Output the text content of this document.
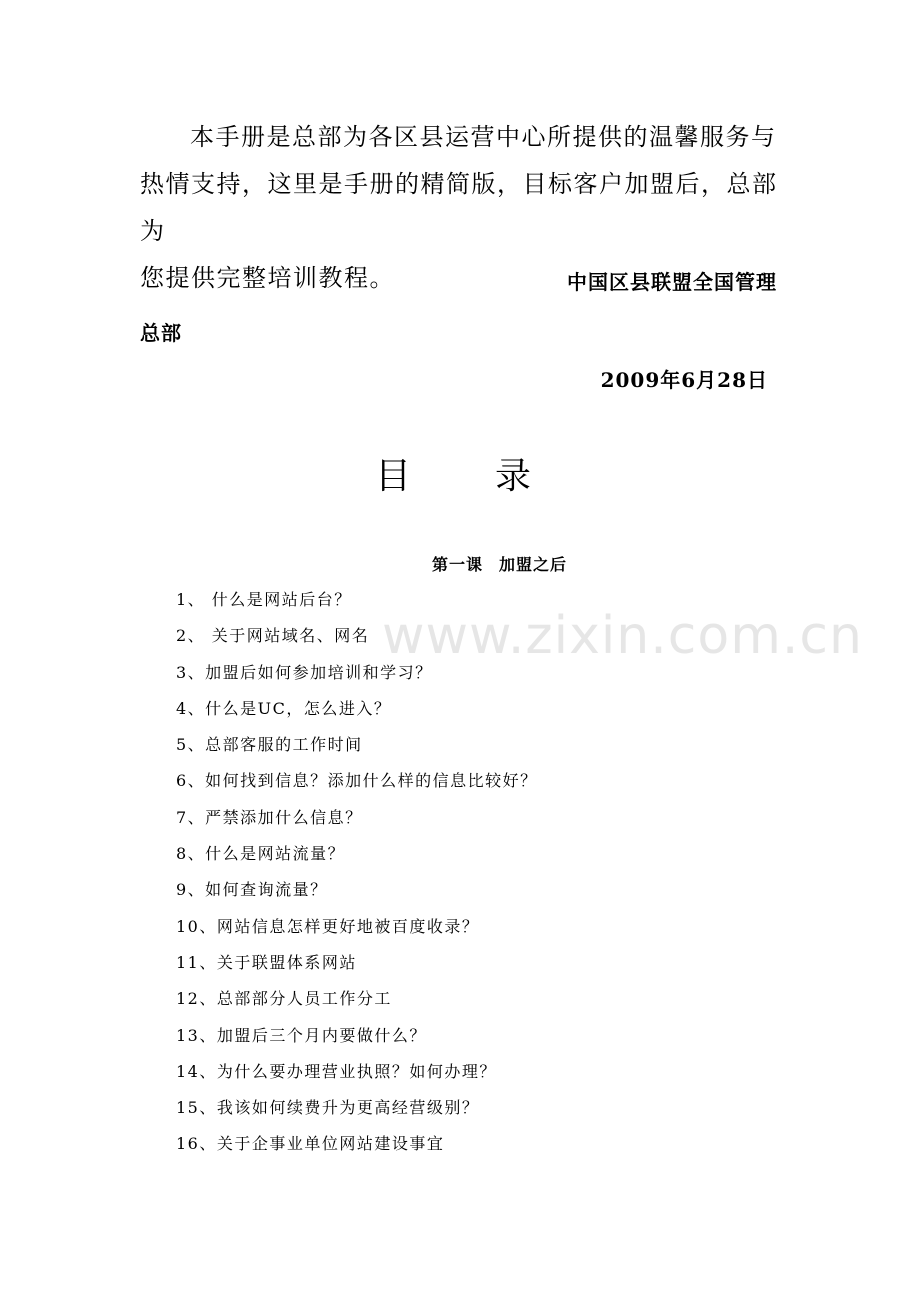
本手册是总部为各区县运营中心所提供的温馨服务与
热情支持，这里是手册的精简版，目标客户加盟后，总部为
您提供完整培训教程。	中国区县联盟全国管理
总部
2009年6月28日
目　录
第一课 加盟之后
www.zixin.com.cn
1、 什么是网站后台？
2、 关于网站域名、网名
3、加盟后如何参加培训和学习？
4、什么是UC，怎么进入？
5、总部客服的工作时间
6、如何找到信息？添加什么样的信息比较好？
7、严禁添加什么信息？
8、什么是网站流量？
9、如何查询流量？
10、网站信息怎样更好地被百度收录？
11、关于联盟体系网站
12、总部部分人员工作分工
13、加盟后三个月内要做什么？
14、为什么要办理营业执照？如何办理？
15、我该如何续费升为更高经营级别？
16、关于企事业单位网站建设事宜
